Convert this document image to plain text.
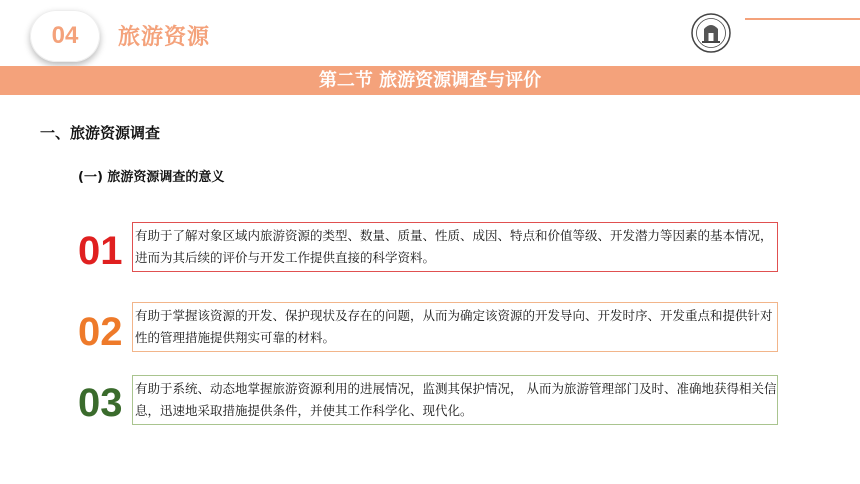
04	旅游资源
第二节 旅游资源调查与评价
一、旅游资源调查
(一) 旅游资源调查的意义
01 有助于了解对象区域内旅游资源的类型、数量、质量、性质、成因、特点和价值等级、开发潜力等因素的基本情况，进而为其后续的评价与开发工作提供直接的科学资料。
02 有助于掌握该资源的开发、保护现状及存在的问题，从而为确定该资源的开发导向、开发时序、开发重点和提供针对性的管理措施提供翔实可靠的材料。
03 有助于系统、动态地掌握旅游资源利用的进展情况，监测其保护情况， 从而为旅游管理部门及时、准确地获得相关信息，迅速地采取措施提供条件，并使其工作科学化、现代化。
